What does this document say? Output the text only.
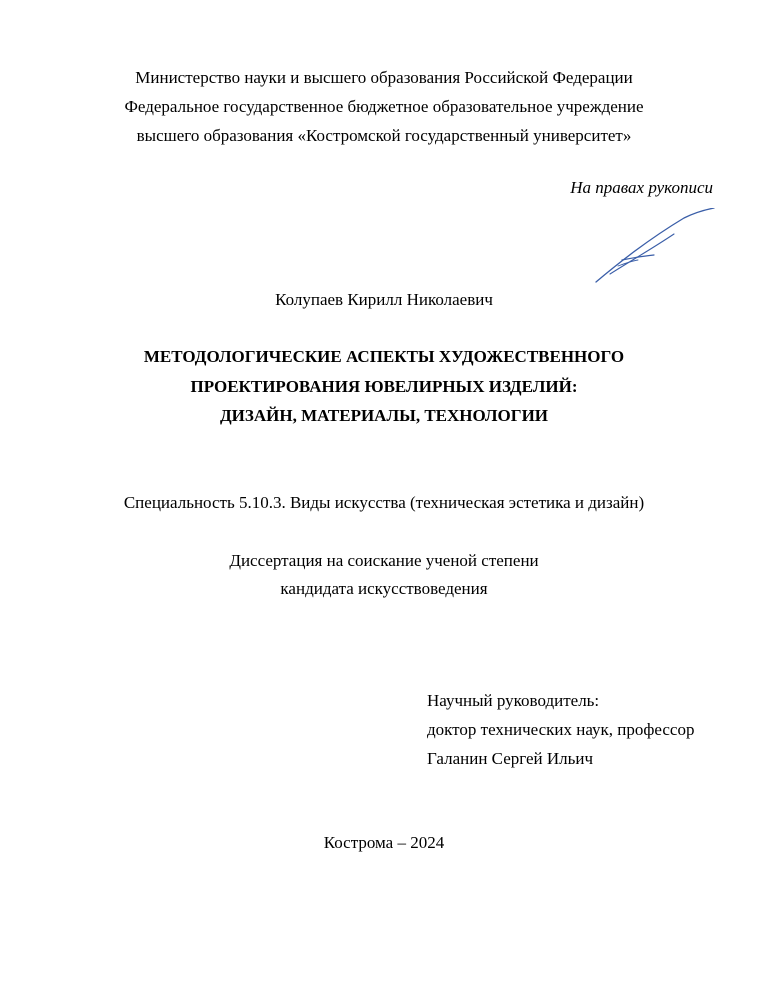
Министерство науки и высшего образования Российской Федерации
Федеральное государственное бюджетное образовательное учреждение
высшего образования «Костромской государственный университет»
На правах рукописи
Колупаев Кирилл Николаевич
МЕТОДОЛОГИЧЕСКИЕ АСПЕКТЫ ХУДОЖЕСТВЕННОГО
ПРОЕКТИРОВАНИЯ ЮВЕЛИРНЫХ ИЗДЕЛИЙ:
ДИЗАЙН, МАТЕРИАЛЫ, ТЕХНОЛОГИИ
Специальность 5.10.3. Виды искусства (техническая эстетика и дизайн)
Диссертация на соискание ученой степени
кандидата искусствоведения
Научный руководитель:
доктор технических наук, профессор
Галанин Сергей Ильич
Кострома – 2024
